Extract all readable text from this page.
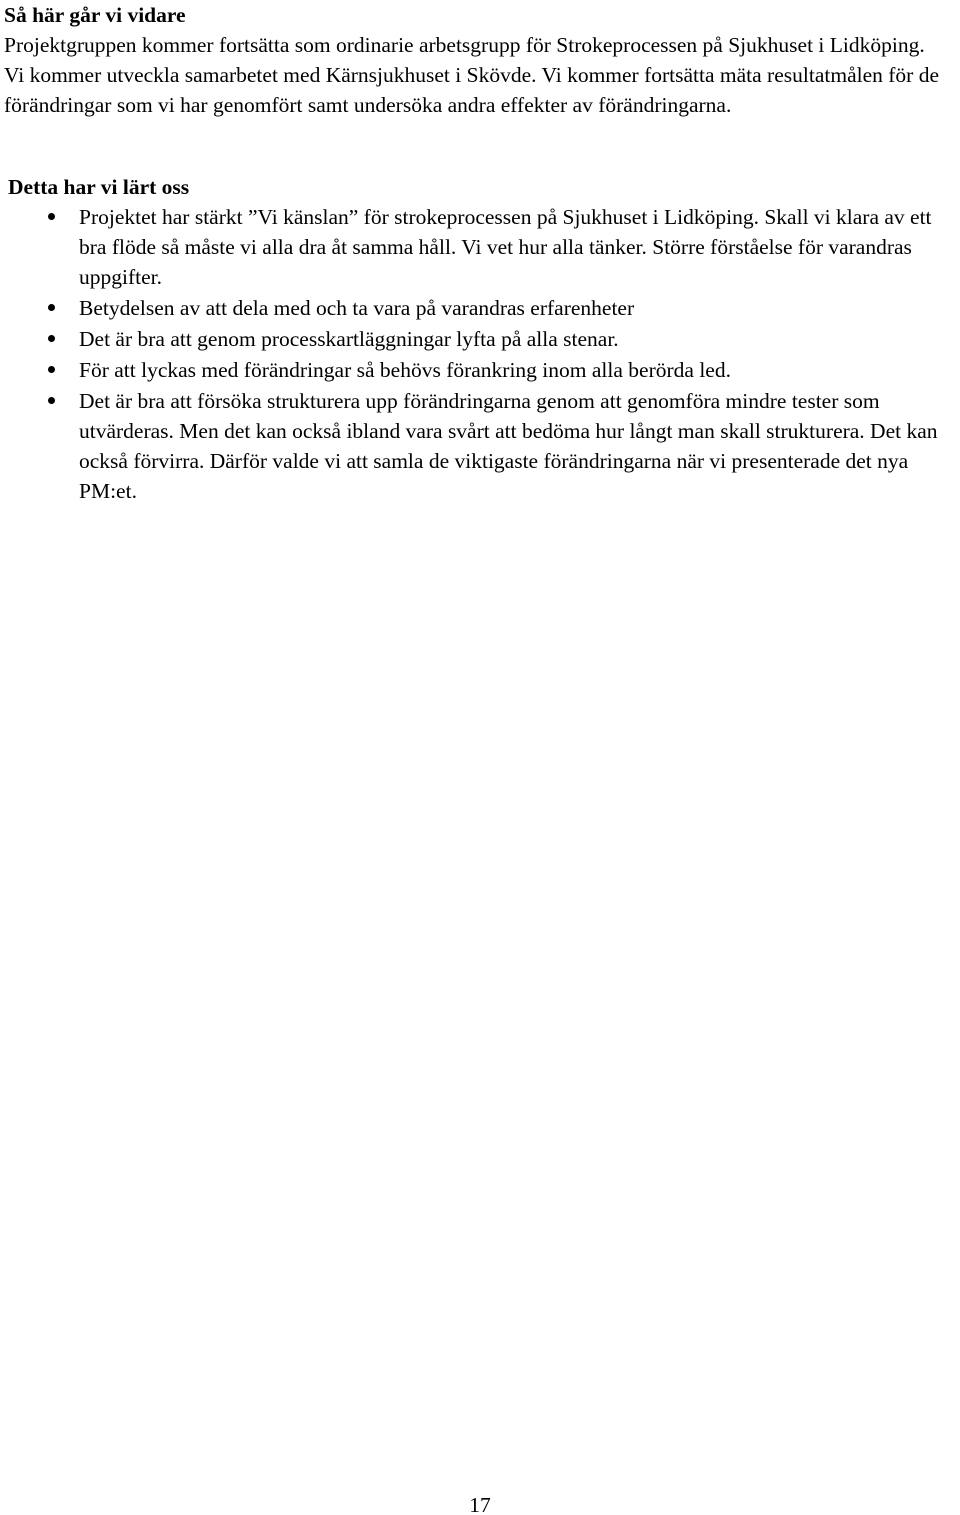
Så här går vi vidare
Projektgruppen kommer fortsätta som ordinarie arbetsgrupp för Strokeprocessen på Sjukhuset i Lidköping. Vi kommer utveckla samarbetet med Kärnsjukhuset i Skövde. Vi kommer fortsätta mäta resultatmålen för de förändringar som vi har genomfört samt undersöka andra effekter av förändringarna.
Detta har vi lärt oss
Projektet har stärkt ”Vi känslan” för strokeprocessen på Sjukhuset i Lidköping. Skall vi klara av ett bra flöde så måste vi alla dra åt samma håll. Vi vet hur alla tänker. Större förståelse för varandras uppgifter.
Betydelsen av att dela med och ta vara på varandras erfarenheter
Det är bra att genom processkartläggningar lyfta på alla stenar.
För att lyckas med förändringar så behövs förankring inom alla berörda led.
Det är bra att försöka strukturera upp förändringarna genom att genomföra mindre tester som utvärderas. Men det kan också ibland vara svårt att bedöma hur långt man skall strukturera. Det kan också förvirra. Därför valde vi att samla de viktigaste förändringarna när vi presenterade det nya PM:et.
17
